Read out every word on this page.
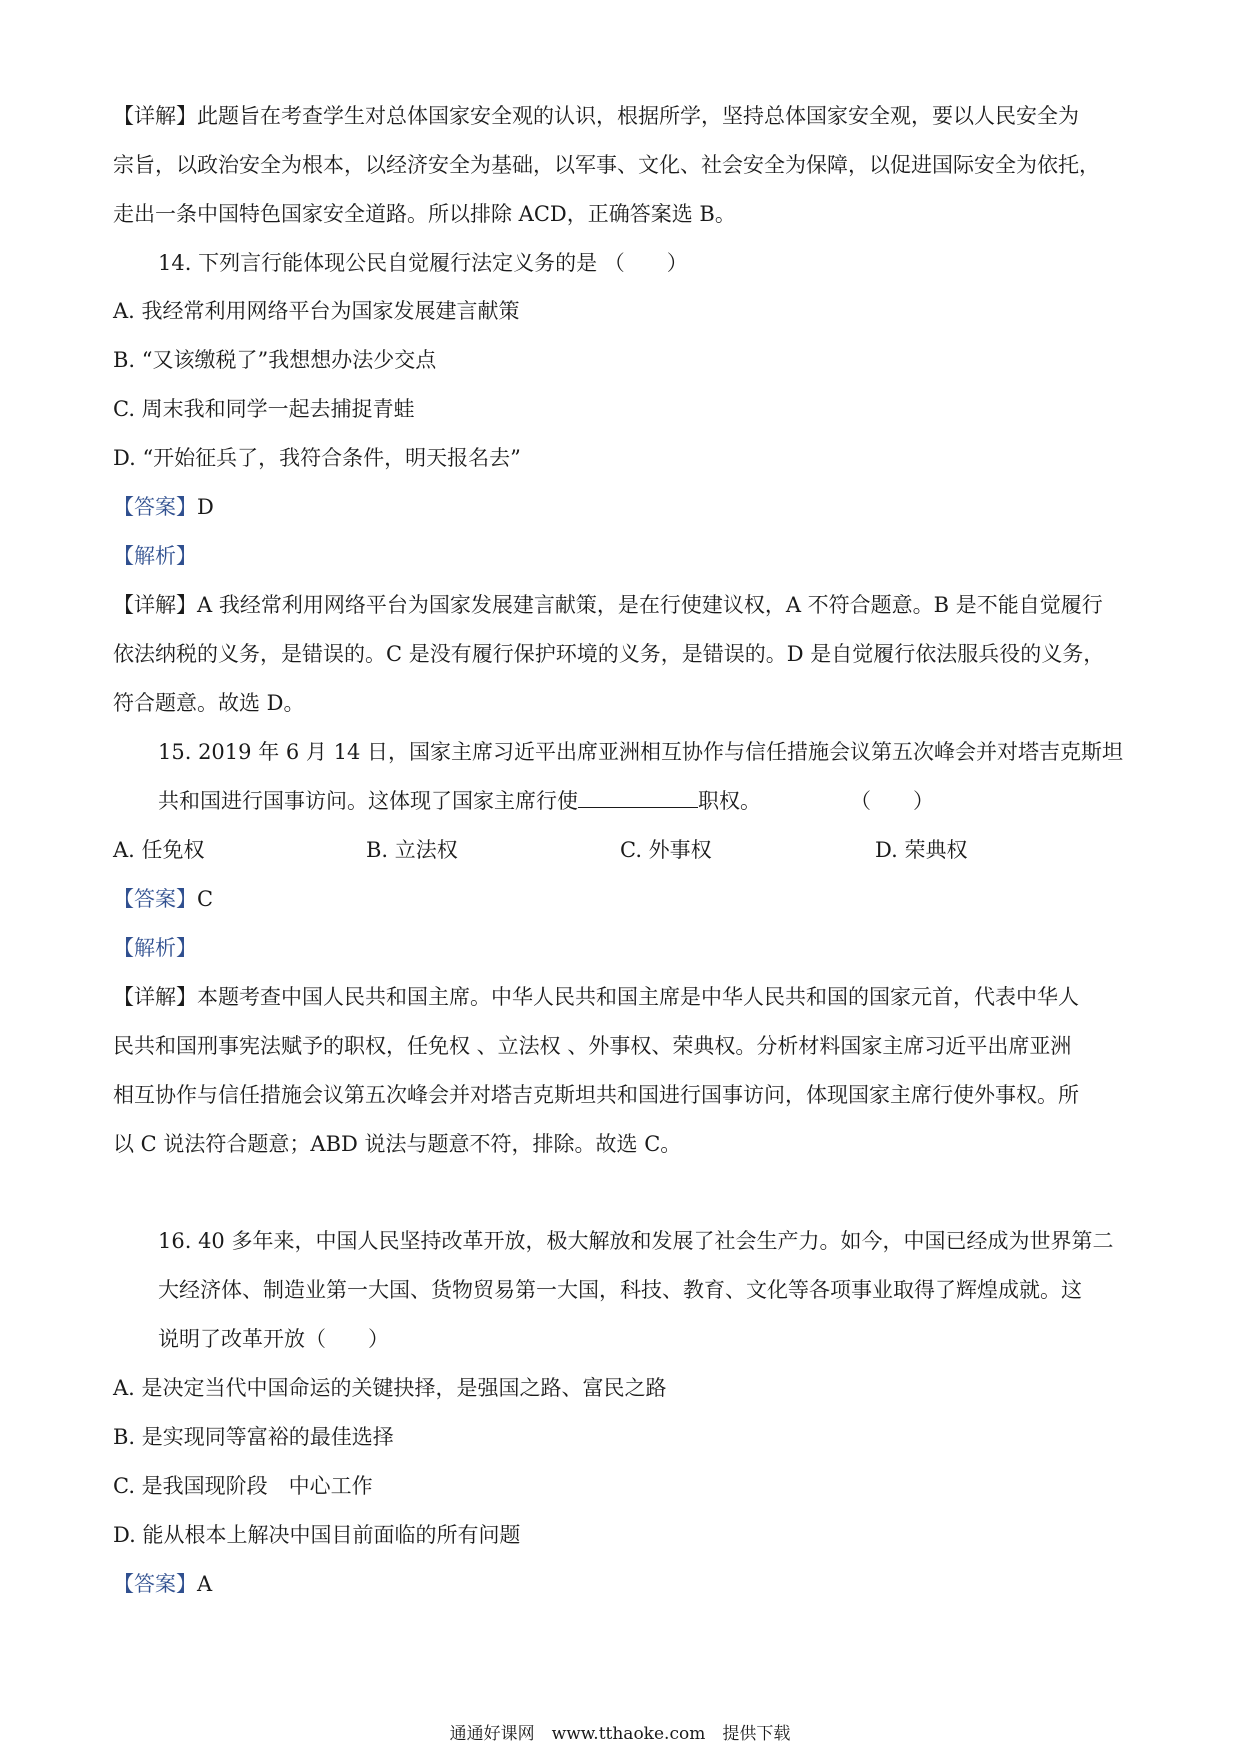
【详解】此题旨在考查学生对总体国家安全观的认识，根据所学，坚持总体国家安全观，要以人民安全为
宗旨，以政治安全为根本，以经济安全为基础，以军事、文化、社会安全为保障，以促进国际安全为依托，
走出一条中国特色国家安全道路。所以排除 ACD，正确答案选 B。
14. 下列言行能体现公民自觉履行法定义务的是 （　　）
A. 我经常利用网络平台为国家发展建言献策
B. “又该缴税了”我想想办法少交点
C. 周末我和同学一起去捕捉青蛙
D. “开始征兵了，我符合条件，明天报名去”
【答案】D
【解析】
【详解】A 我经常利用网络平台为国家发展建言献策，是在行使建议权，A 不符合题意。B 是不能自觉履行
依法纳税的义务，是错误的。C 是没有履行保护环境的义务，是错误的。D 是自觉履行依法服兵役的义务，
符合题意。故选 D。
15. 2019 年 6 月 14 日，国家主席习近平出席亚洲相互协作与信任措施会议第五次峰会并对塔吉克斯坦
共和国进行国事访问。这体现了国家主席行使	职权。	（　　）
A. 任免权	B. 立法权	C. 外事权	D. 荣典权
【答案】C
【解析】
【详解】本题考查中国人民共和国主席。中华人民共和国主席是中华人民共和国的国家元首，代表中华人
民共和国刑事宪法赋予的职权，任免权 、立法权 、外事权、荣典权。分析材料国家主席习近平出席亚洲
相互协作与信任措施会议第五次峰会并对塔吉克斯坦共和国进行国事访问，体现国家主席行使外事权。所
以 C 说法符合题意；ABD 说法与题意不符，排除。故选 C。
16. 40 多年来，中国人民坚持改革开放，极大解放和发展了社会生产力。如今，中国已经成为世界第二
大经济体、制造业第一大国、货物贸易第一大国，科技、教育、文化等各项事业取得了辉煌成就。这
说明了改革开放（　　）
A. 是决定当代中国命运的关键抉择，是强国之路、富民之路
B. 是实现同等富裕的最佳选择
C. 是我国现阶段　中心工作
D. 能从根本上解决中国目前面临的所有问题
【答案】A
通通好课网　www.tthaoke.com　提供下载
